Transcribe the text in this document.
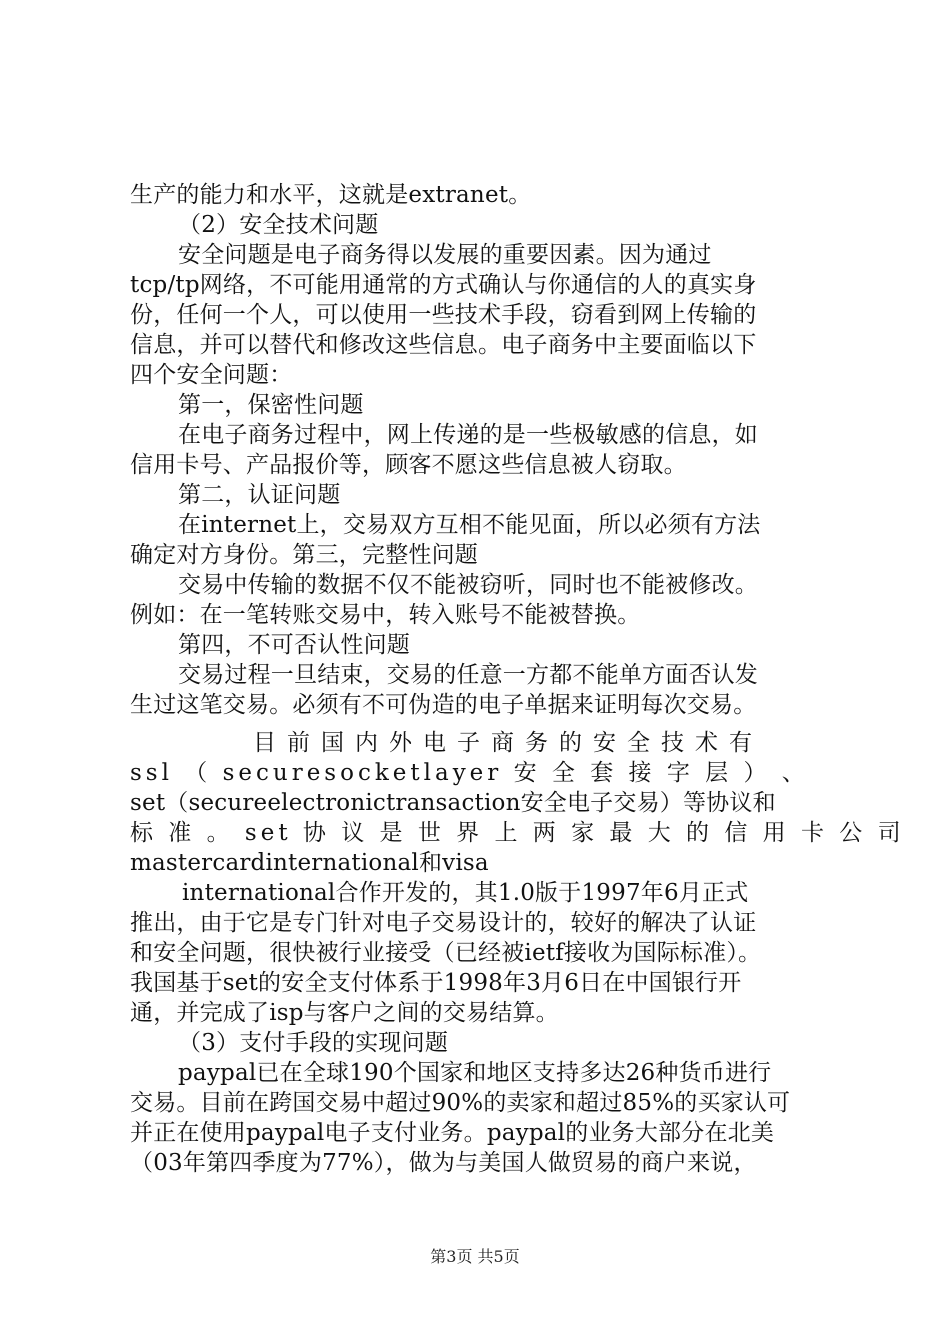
生产的能力和水平，这就是extranet。
（2）安全技术问题
安全问题是电子商务得以发展的重要因素。因为通过
tcp/tp网络，不可能用通常的方式确认与你通信的人的真实身
份，任何一个人，可以使用一些技术手段，窃看到网上传输的
信息，并可以替代和修改这些信息。电子商务中主要面临以下
四个安全问题：
第一，保密性问题
在电子商务过程中，网上传递的是一些极敏感的信息，如
信用卡号、产品报价等，顾客不愿这些信息被人窃取。
第二，认证问题
在internet上，交易双方互相不能见面，所以必须有方法
确定对方身份。第三，完整性问题
交易中传输的数据不仅不能被窃听，同时也不能被修改。
例如：在一笔转账交易中，转入账号不能被替换。
第四，不可否认性问题
交易过程一旦结束，交易的任意一方都不能单方面否认发
生过这笔交易。必须有不可伪造的电子单据来证明每次交易。
目前国内外电子商务的安全技术有
ssl （ securesocketlayer 安 全 套 接 字 层 ） 、
set（secureelectronictransaction安全电子交易）等协议和
标 准 。 set 协 议 是 世 界 上 两 家 最 大 的 信 用 卡 公 司
mastercardinternational和visa
international合作开发的，其1.0版于1997年6月正式
推出，由于它是专门针对电子交易设计的，较好的解决了认证
和安全问题，很快被行业接受（已经被ietf接收为国际标准）。
我国基于set的安全支付体系于1998年3月6日在中国银行开
通，并完成了isp与客户之间的交易结算。
（3）支付手段的实现问题
paypal已在全球190个国家和地区支持多达26种货币进行
交易。目前在跨国交易中超过90%的卖家和超过85%的买家认可
并正在使用paypal电子支付业务。paypal的业务大部分在北美
（03年第四季度为77%），做为与美国人做贸易的商户来说，
第3页 共5页
